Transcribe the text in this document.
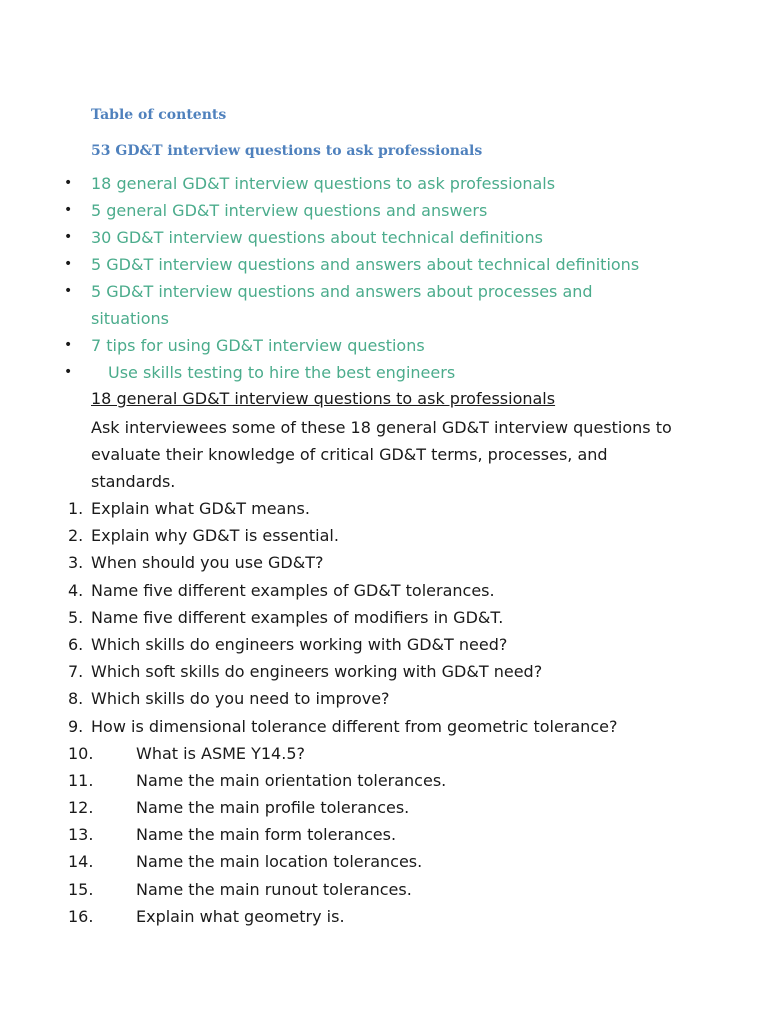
Table of contents
53 GD&T interview questions to ask professionals
• 18 general GD&T interview questions to ask professionals
• 5 general GD&T interview questions and answers
• 30 GD&T interview questions about technical definitions
• 5 GD&T interview questions and answers about technical definitions
• 5 GD&T interview questions and answers about processes and situations
• 7 tips for using GD&T interview questions
• Use skills testing to hire the best engineers
18 general GD&T interview questions to ask professionals

Ask interviewees some of these 18 general GD&T interview questions to evaluate their knowledge of critical GD&T terms, processes, and standards.

1. Explain what GD&T means.
2. Explain why GD&T is essential.
3. When should you use GD&T?
4. Name five different examples of GD&T tolerances.
5. Name five different examples of modifiers in GD&T.
6. Which skills do engineers working with GD&T need?
7. Which soft skills do engineers working with GD&T need?
8. Which skills do you need to improve?
9. How is dimensional tolerance different from geometric tolerance?
10.	What is ASME Y14.5?
11.	Name the main orientation tolerances.
12.	Name the main profile tolerances.
13.	Name the main form tolerances.
14.	Name the main location tolerances.
15.	Name the main runout tolerances.
16.	Explain what geometry is.
